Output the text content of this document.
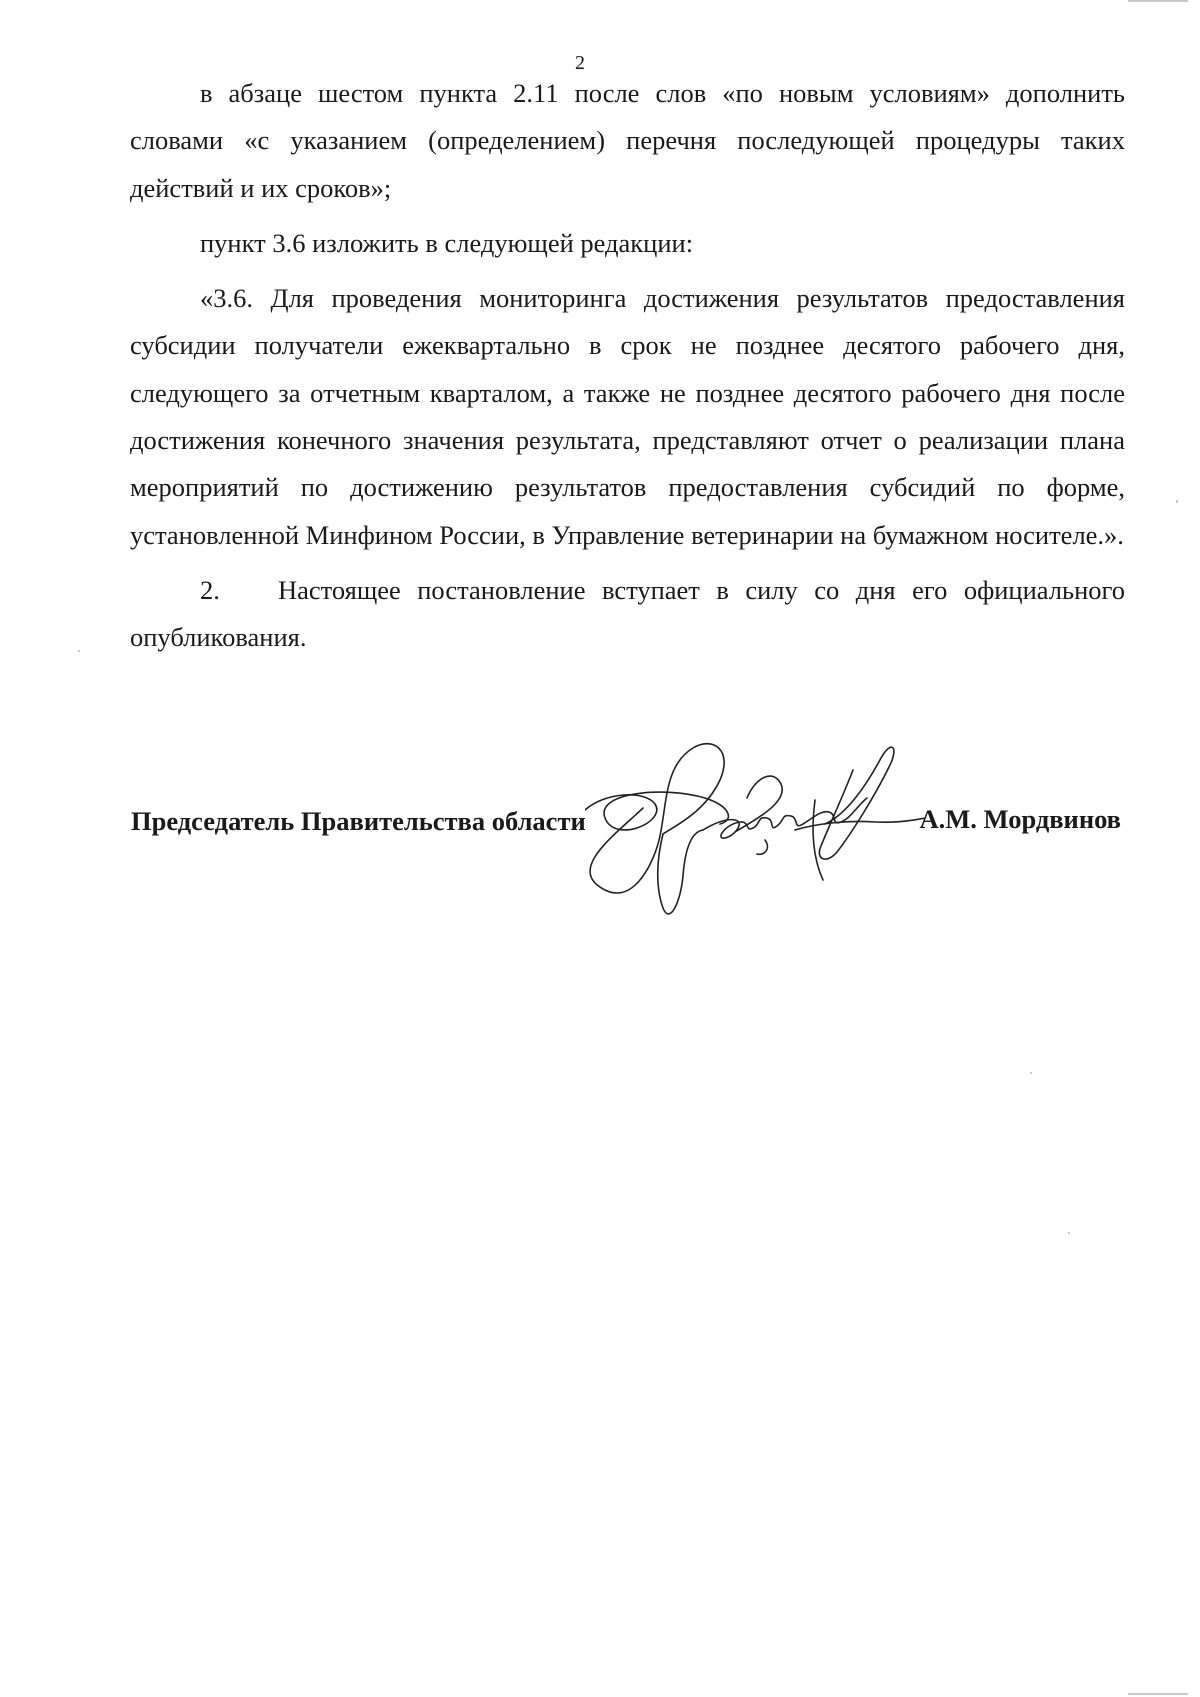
2

в абзаце шестом пункта 2.11 после слов «по новым условиям» дополнить словами «с указанием (определением) перечня последующей процедуры таких действий и их сроков»;

пункт 3.6 изложить в следующей редакции:

«3.6. Для проведения мониторинга достижения результатов предоставления субсидии получатели ежеквартально в срок не позднее десятого рабочего дня, следующего за отчетным кварталом, а также не позднее десятого рабочего дня после достижения конечного значения результата, представляют отчет о реализации плана мероприятий по достижению результатов предоставления субсидий по форме, установленной Минфином России, в Управление ветеринарии на бумажном носителе.».

2. Настоящее постановление вступает в силу со дня его официального опубликования.

Председатель Правительства области	А.М. Мордвинов
